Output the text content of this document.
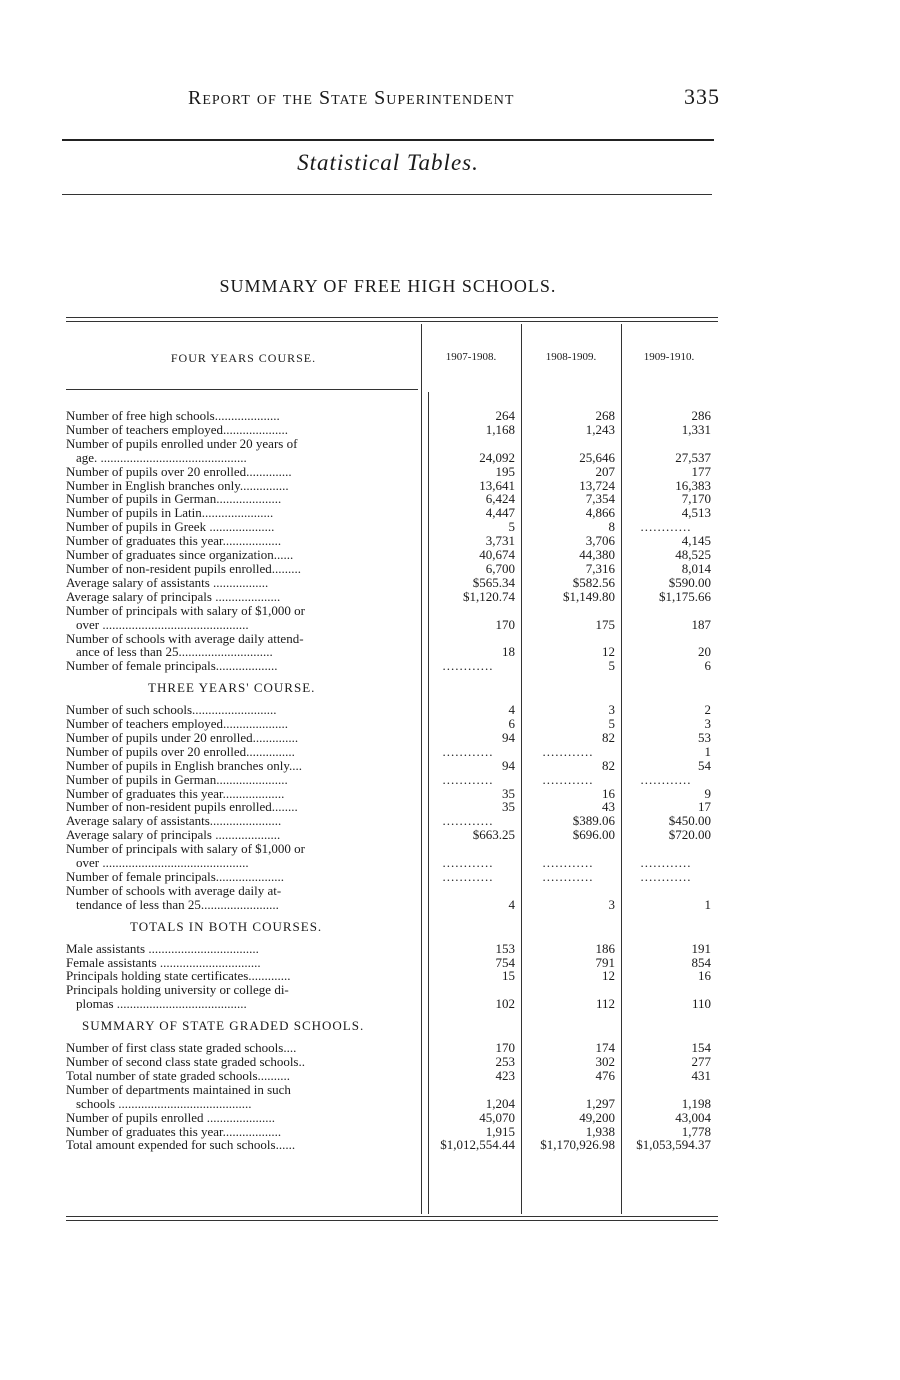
Report of the State Superintendent	335
Statistical Tables.
SUMMARY OF FREE HIGH SCHOOLS.
FOUR YEARS COURSE.	1907-1908.	1908-1909.	1909-1910.
Number of free high schools....................	264	268	286
Number of teachers employed....................	1,168	1,243	1,331
Number of pupils enrolled under 20 years of
age. .............................................	24,092	25,646	27,537
Number of pupils over 20 enrolled..............	195	207	177
Number in English branches only...............	13,641	13,724	16,383
Number of pupils in German....................	6,424	7,354	7,170
Number of pupils in Latin......................	4,447	4,866	4,513
Number of pupils in Greek ....................	5	8	............
Number of graduates this year..................	3,731	3,706	4,145
Number of graduates since organization......	40,674	44,380	48,525
Number of non-resident pupils enrolled.........	6,700	7,316	8,014
Average salary of assistants .................	$565.34	$582.56	$590.00
Average salary of principals ....................	$1,120.74	$1,149.80	$1,175.66
Number of principals with salary of $1,000 or
over .............................................	170	175	187
Number of schools with average daily attend-
ance of less than 25.............................	18	12	20
Number of female principals...................	............	5	6
THREE YEARS' COURSE.
Number of such schools..........................	4	3	2
Number of teachers employed....................	6	5	3
Number of pupils under 20 enrolled..............	94	82	53
Number of pupils over 20 enrolled...............	............	............	1
Number of pupils in English branches only....	94	82	54
Number of pupils in German......................	............	............	............
Number of graduates this year...................	35	16	9
Number of non-resident pupils enrolled........	35	43	17
Average salary of assistants......................	............	$389.06	$450.00
Average salary of principals ....................	$663.25	$696.00	$720.00
Number of principals with salary of $1,000 or
over .............................................	............	............	............
Number of female principals.....................	............	............	............
Number of schools with average daily at-
tendance of less than 25........................	4	3	1
TOTALS IN BOTH COURSES.
Male assistants ..................................	153	186	191
Female assistants ...............................	754	791	854
Principals holding state certificates.............	15	12	16
Principals holding university or college di-
plomas ........................................	102	112	110
SUMMARY OF STATE GRADED SCHOOLS.
Number of first class state graded schools....	170	174	154
Number of second class state graded schools..	253	302	277
Total number of state graded schools..........	423	476	431
Number of departments maintained in such
schools .........................................	1,204	1,297	1,198
Number of pupils enrolled .....................	45,070	49,200	43,004
Number of graduates this year..................	1,915	1,938	1,778
Total amount expended for such schools......	$1,012,554.44	$1,170,926.98	$1,053,594.37
